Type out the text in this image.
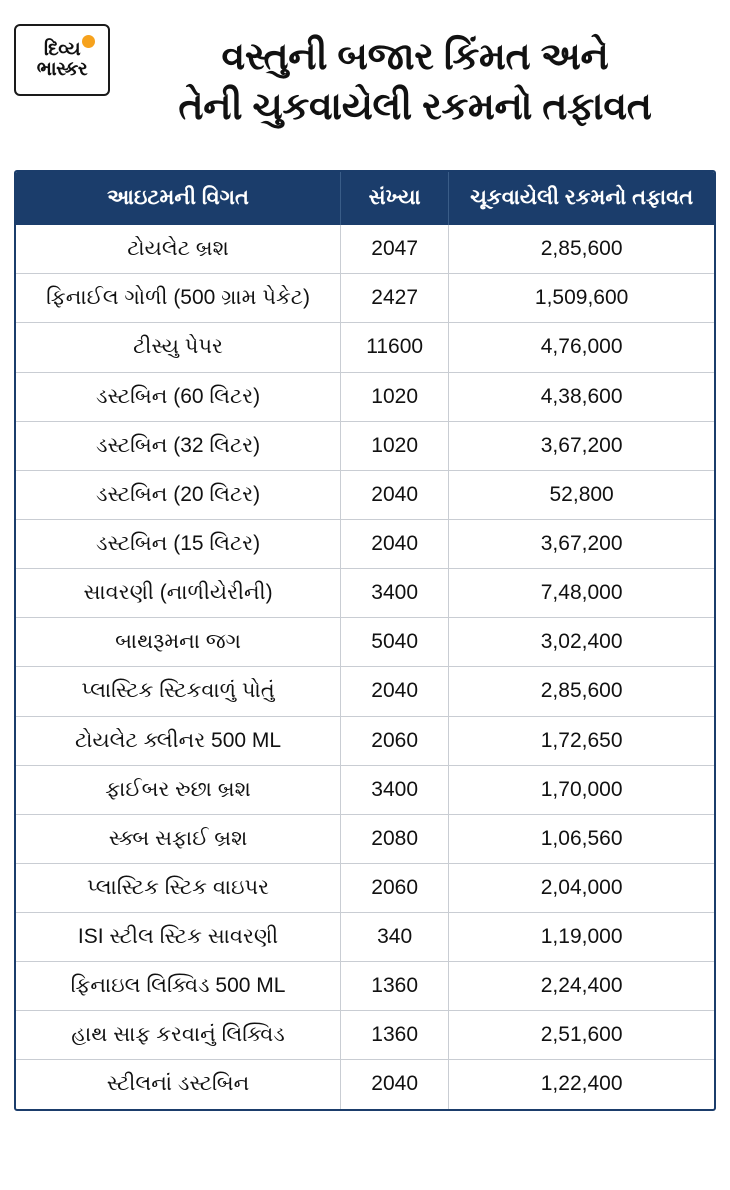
દિવ્ય
ભાસ્કર	વસ્તુની બજાર કિંમત અને
તેની ચુકવાયેલી રકમનો તફાવત
આઇટમની વિગત	સંખ્યા	ચૂકવાયેલી રકમનો તફાવત
ટોયલેટ બ્રશ	2047	2,85,600
ફિનાઈલ ગોળી (500 ગ્રામ પેકેટ)	2427	1,509,600
ટીસ્યુ પેપર	11600	4,76,000
ડસ્ટબિન (60 લિટર)	1020	4,38,600
ડસ્ટબિન (32 લિટર)	1020	3,67,200
ડસ્ટબિન (20 લિટર)	2040	52,800
ડસ્ટબિન (15 લિટર)	2040	3,67,200
સાવરણી (નાળીયેરીની)	3400	7,48,000
બાથરૂમના જગ	5040	3,02,400
પ્લાસ્ટિક સ્ટિકવાળું પોતું	2040	2,85,600
ટોયલેટ ક્લીનર 500 ML	2060	1,72,650
ફાઈબર રુછા બ્રશ	3400	1,70,000
સ્ક્બ સફાઈ બ્રશ	2080	1,06,560
પ્લાસ્ટિક સ્ટિક વાઇપર	2060	2,04,000
ISI સ્ટીલ સ્ટિક સાવરણી	340	1,19,000
ફિનાઇલ લિક્વિડ 500 ML	1360	2,24,400
હાથ સાફ કરવાનું લિક્વિડ	1360	2,51,600
સ્ટીલનાં ડસ્ટબિન	2040	1,22,400
